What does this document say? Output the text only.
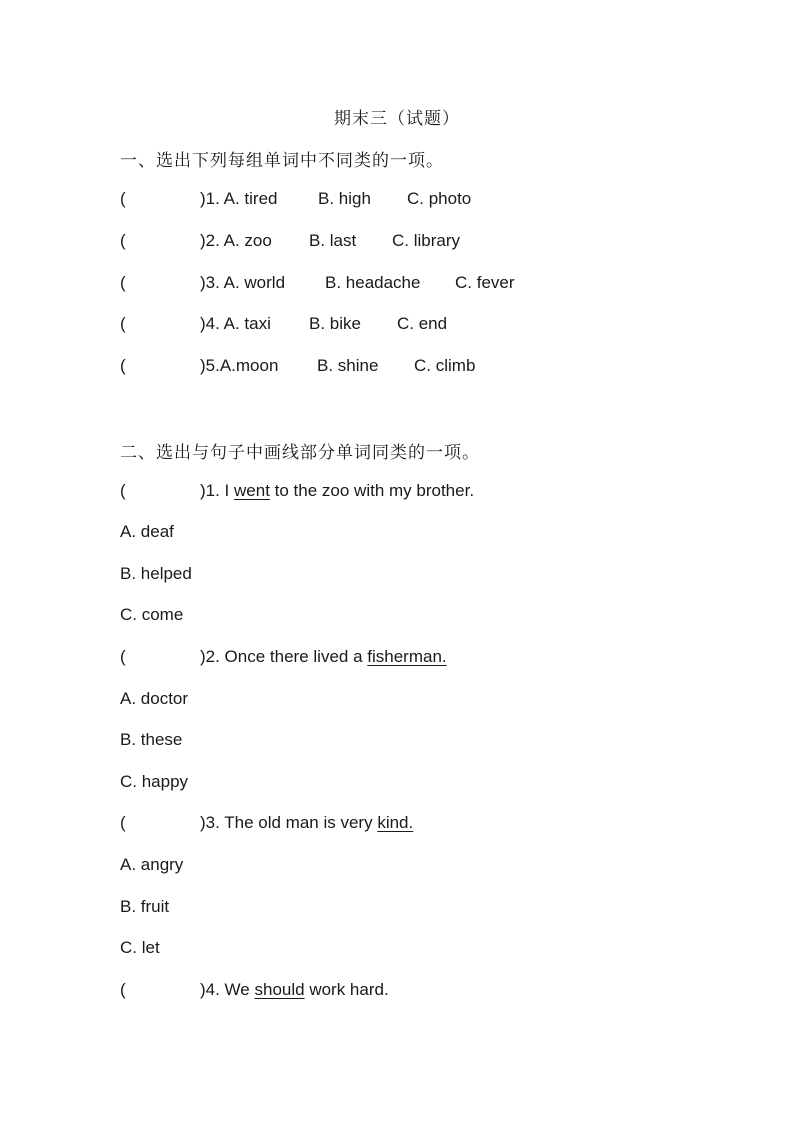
期末三（试题）
一、选出下列每组单词中不同类的一项。
(	)1. A. tired B. high C. photo
(	)2. A. zoo B. last C. library
(	)3. A. world B. headache C. fever
(	)4. A. taxi B. bike C. end
(	)5.A.moon B. shine C. climb
二、选出与句子中画线部分单词同类的一项。
(	)1. I went to the zoo with my brother.
A. deaf
B. helped
C. come
(	)2. Once there lived a fisherman.
A. doctor
B. these
C. happy
(	)3. The old man is very kind.
A. angry
B. fruit
C. let
(	)4. We should work hard.
